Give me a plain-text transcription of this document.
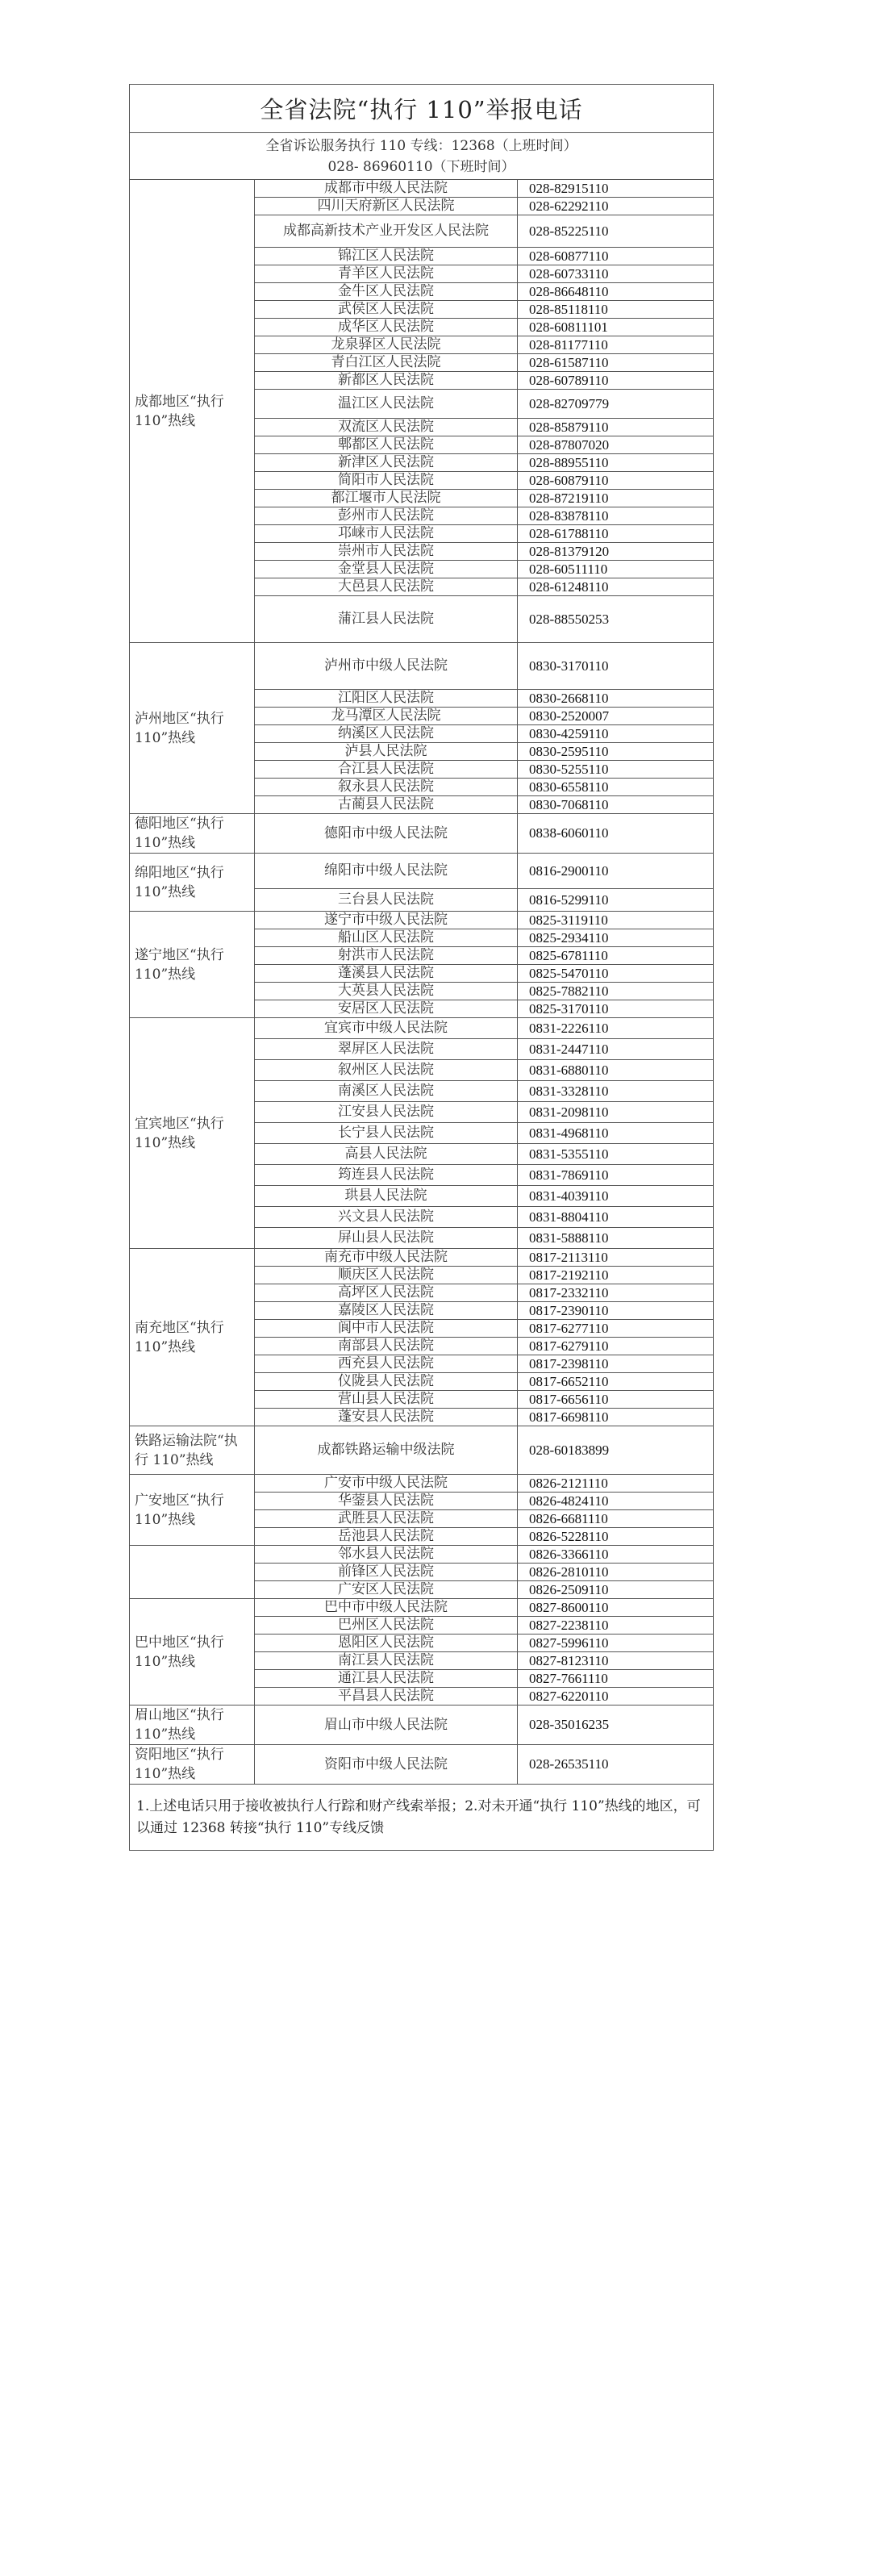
全省法院“执行 110”举报电话		

全省诉讼服务执行 110 专线：12368（上班时间）
028- 86960110（下班时间）		

成都地区“执行 110”热线	成都市中级人民法院	028-82915110
	四川天府新区人民法院	028-62292110
	成都高新技术产业开发区人民法院	028-85225110
	锦江区人民法院	028-60877110
	青羊区人民法院	028-60733110
	金牛区人民法院	028-86648110
	武侯区人民法院	028-85118110
	成华区人民法院	028-60811101
	龙泉驿区人民法院	028-81177110
	青白江区人民法院	028-61587110
	新都区人民法院	028-60789110
	温江区人民法院	028-82709779
	双流区人民法院	028-85879110
	郫都区人民法院	028-87807020
	新津区人民法院	028-88955110
	简阳市人民法院	028-60879110
	都江堰市人民法院	028-87219110
	彭州市人民法院	028-83878110
	邛崃市人民法院	028-61788110
	崇州市人民法院	028-81379120
	金堂县人民法院	028-60511110
	大邑县人民法院	028-61248110
	蒲江县人民法院	028-88550253
泸州地区“执行 110”热线	泸州市中级人民法院	0830-3170110
	江阳区人民法院	0830-2668110
	龙马潭区人民法院	0830-2520007
	纳溪区人民法院	0830-4259110
	泸县人民法院	0830-2595110
	合江县人民法院	0830-5255110
	叙永县人民法院	0830-6558110
	古蔺县人民法院	0830-7068110
德阳地区“执行 110”热线	德阳市中级人民法院	0838-6060110
绵阳地区“执行 110”热线	绵阳市中级人民法院	0816-2900110
	三台县人民法院	0816-5299110
遂宁地区“执行 110”热线	遂宁市中级人民法院	0825-3119110
	船山区人民法院	0825-2934110
	射洪市人民法院	0825-6781110
	蓬溪县人民法院	0825-5470110
	大英县人民法院	0825-7882110
	安居区人民法院	0825-3170110
宜宾地区“执行 110”热线	宜宾市中级人民法院	0831-2226110
	翠屏区人民法院	0831-2447110
	叙州区人民法院	0831-6880110
	南溪区人民法院	0831-3328110
	江安县人民法院	0831-2098110
	长宁县人民法院	0831-4968110
	高县人民法院	0831-5355110
	筠连县人民法院	0831-7869110
	珙县人民法院	0831-4039110
	兴文县人民法院	0831-8804110
	屏山县人民法院	0831-5888110
南充地区“执行 110”热线	南充市中级人民法院	0817-2113110
	顺庆区人民法院	0817-2192110
	高坪区人民法院	0817-2332110
	嘉陵区人民法院	0817-2390110
	阆中市人民法院	0817-6277110
	南部县人民法院	0817-6279110
	西充县人民法院	0817-2398110
	仪陇县人民法院	0817-6652110
	营山县人民法院	0817-6656110
	蓬安县人民法院	0817-6698110
铁路运输法院“执行 110”热线	成都铁路运输中级法院	028-60183899
广安地区“执行 110”热线	广安市中级人民法院	0826-2121110
	华蓥县人民法院	0826-4824110
	武胜县人民法院	0826-6681110
	岳池县人民法院	0826-5228110
	邻水县人民法院	0826-3366110
	前锋区人民法院	0826-2810110
	广安区人民法院	0826-2509110
巴中地区“执行 110”热线	巴中市中级人民法院	0827-8600110
	巴州区人民法院	0827-2238110
	恩阳区人民法院	0827-5996110
	南江县人民法院	0827-8123110
	通江县人民法院	0827-7661110
	平昌县人民法院	0827-6220110
眉山地区“执行 110”热线	眉山市中级人民法院	028-35016235
资阳地区“执行 110”热线	资阳市中级人民法院	028-26535110
1.上述电话只用于接收被执行人行踪和财产线索举报；2.对未开通“执行 110”热线的地区，可以通过 12368 转接“执行 110”专线反馈		
